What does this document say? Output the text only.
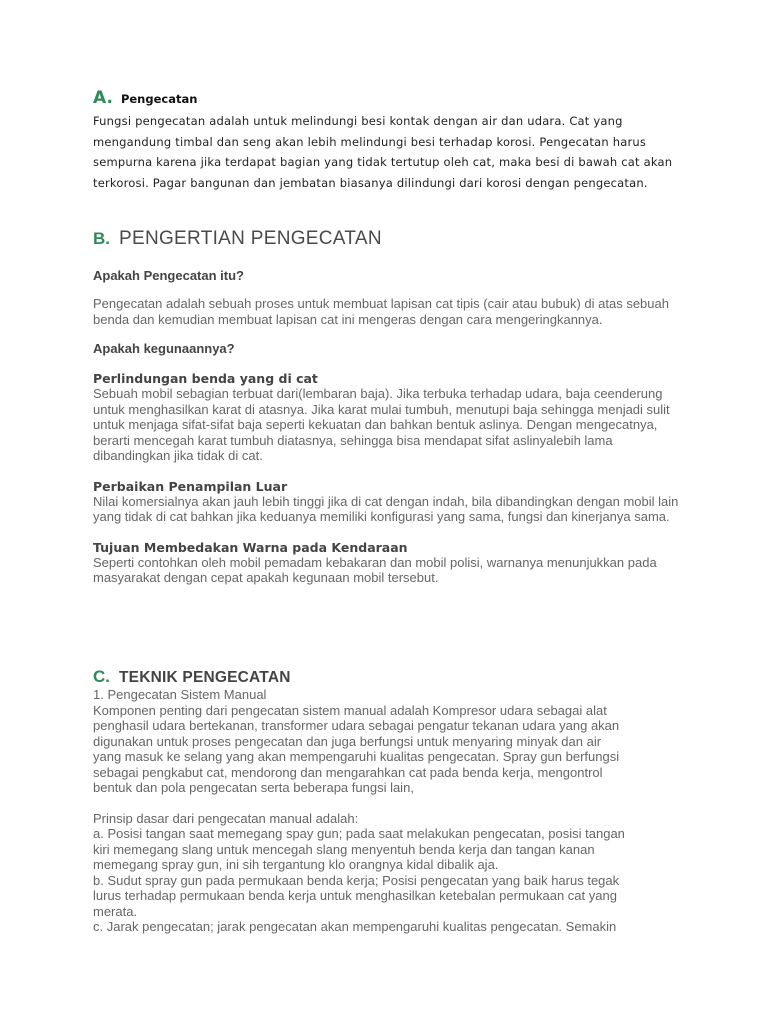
A. Pengecatan
Fungsi pengecatan adalah untuk melindungi besi kontak dengan air dan udara. Cat yang mengandung timbal dan seng akan lebih melindungi besi terhadap korosi. Pengecatan harus sempurna karena jika terdapat bagian yang tidak tertutup oleh cat, maka besi di bawah cat akan terkorosi. Pagar bangunan dan jembatan biasanya dilindungi dari korosi dengan pengecatan.
B. PENGERTIAN PENGECATAN
Apakah Pengecatan itu?
Pengecatan adalah sebuah proses untuk membuat lapisan cat tipis (cair atau bubuk) di atas sebuah benda dan kemudian membuat lapisan cat ini mengeras dengan cara mengeringkannya.
Apakah kegunaannya?
Perlindungan benda yang di cat
Sebuah mobil sebagian terbuat dari(lembaran baja). Jika terbuka terhadap udara, baja ceenderung untuk menghasilkan karat di atasnya. Jika karat mulai tumbuh, menutupi baja sehingga menjadi sulit untuk menjaga sifat-sifat baja seperti kekuatan dan bahkan bentuk aslinya. Dengan mengecatnya, berarti mencegah karat tumbuh diatasnya, sehingga bisa mendapat sifat aslinyalebih lama dibandingkan jika tidak di cat.
Perbaikan Penampilan Luar
Nilai komersialnya akan jauh lebih tinggi jika di cat dengan indah, bila dibandingkan dengan mobil lain yang tidak di cat bahkan jika keduanya memiliki konfigurasi yang sama, fungsi dan kinerjanya sama.
Tujuan Membedakan Warna pada Kendaraan
Seperti contohkan oleh mobil pemadam kebakaran dan mobil polisi, warnanya menunjukkan pada masyarakat dengan cepat apakah kegunaan mobil tersebut.
C. TEKNIK PENGECATAN
1. Pengecatan Sistem Manual
Komponen penting dari pengecatan sistem manual adalah Kompresor udara sebagai alat
penghasil udara bertekanan, transformer udara sebagai pengatur tekanan udara yang akan
digunakan untuk proses pengecatan dan juga berfungsi untuk menyaring minyak dan air
yang masuk ke selang yang akan mempengaruhi kualitas pengecatan. Spray gun berfungsi
sebagai pengkabut cat, mendorong dan mengarahkan cat pada benda kerja, mengontrol
bentuk dan pola pengecatan serta beberapa fungsi lain,
Prinsip dasar dari pengecatan manual adalah:
a. Posisi tangan saat memegang spay gun; pada saat melakukan pengecatan, posisi tangan
kiri memegang slang untuk mencegah slang menyentuh benda kerja dan tangan kanan
memegang spray gun, ini sih tergantung klo orangnya kidal dibalik aja.
b. Sudut spray gun pada permukaan benda kerja; Posisi pengecatan yang baik harus tegak
lurus terhadap permukaan benda kerja untuk menghasilkan ketebalan permukaan cat yang
merata.
c. Jarak pengecatan; jarak pengecatan akan mempengaruhi kualitas pengecatan. Semakin
